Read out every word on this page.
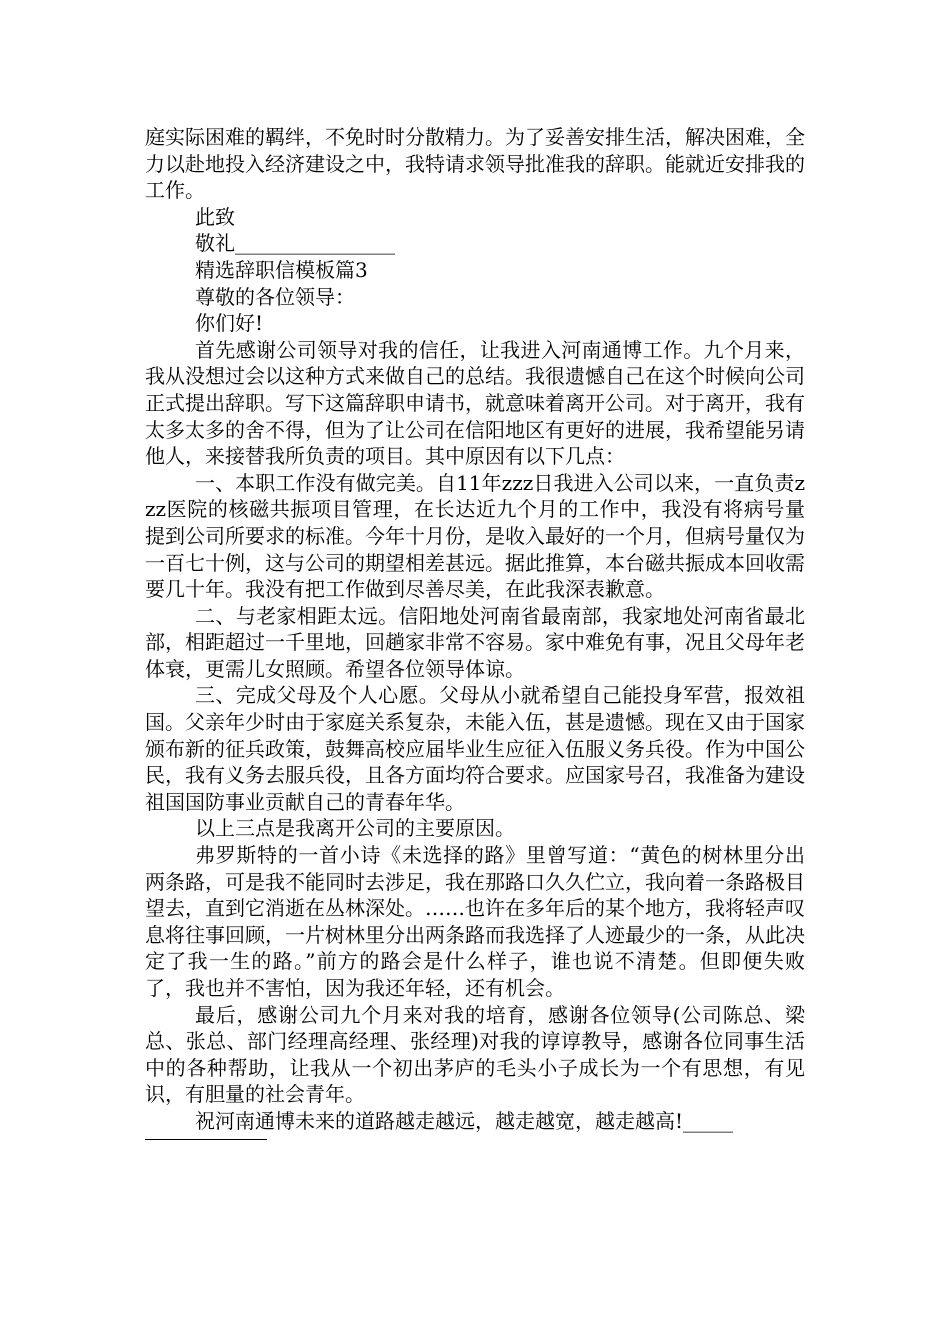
庭实际困难的羁绊，不免时时分散精力。为了妥善安排生活，解决困难，全力以赴地投入经济建设之中，我特请求领导批准我的辞职。能就近安排我的工作。

此致

敬礼________________

精选辞职信模板篇3

尊敬的各位领导：

你们好!

首先感谢公司领导对我的信任，让我进入河南通博工作。九个月来，我从没想过会以这种方式来做自己的总结。我很遗憾自己在这个时候向公司正式提出辞职。写下这篇辞职申请书，就意味着离开公司。对于离开，我有太多太多的舍不得，但为了让公司在信阳地区有更好的进展，我希望能另请他人，来接替我所负责的项目。其中原因有以下几点：

一、本职工作没有做完美。自11年zzz日我进入公司以来，一直负责zzz医院的核磁共振项目管理，在长达近九个月的工作中，我没有将病号量提到公司所要求的标准。今年十月份，是收入最好的一个月，但病号量仅为一百七十例，这与公司的期望相差甚远。据此推算，本台磁共振成本回收需要几十年。我没有把工作做到尽善尽美，在此我深表歉意。

二、与老家相距太远。信阳地处河南省最南部，我家地处河南省最北部，相距超过一千里地，回趟家非常不容易。家中难免有事，况且父母年老体衰，更需儿女照顾。希望各位领导体谅。

三、完成父母及个人心愿。父母从小就希望自己能投身军营，报效祖国。父亲年少时由于家庭关系复杂，未能入伍，甚是遗憾。现在又由于国家颁布新的征兵政策，鼓舞高校应届毕业生应征入伍服义务兵役。作为中国公民，我有义务去服兵役，且各方面均符合要求。应国家号召，我准备为建设祖国国防事业贡献自己的青春年华。

以上三点是我离开公司的主要原因。

弗罗斯特的一首小诗《未选择的路》里曾写道：“黄色的树林里分出两条路，可是我不能同时去涉足，我在那路口久久伫立，我向着一条路极目望去，直到它消逝在丛林深处。……也许在多年后的某个地方，我将轻声叹息将往事回顾，一片树林里分出两条路而我选择了人迹最少的一条，从此决定了我一生的路。”前方的路会是什么样子，谁也说不清楚。但即便失败了，我也并不害怕，因为我还年轻，还有机会。

最后，感谢公司九个月来对我的培育，感谢各位领导(公司陈总、梁总、张总、部门经理高经理、张经理)对我的谆谆教导，感谢各位同事生活中的各种帮助，让我从一个初出茅庐的毛头小子成长为一个有思想，有见识，有胆量的社会青年。

祝河南通博未来的道路越走越远，越走越宽，越走越高!_____
